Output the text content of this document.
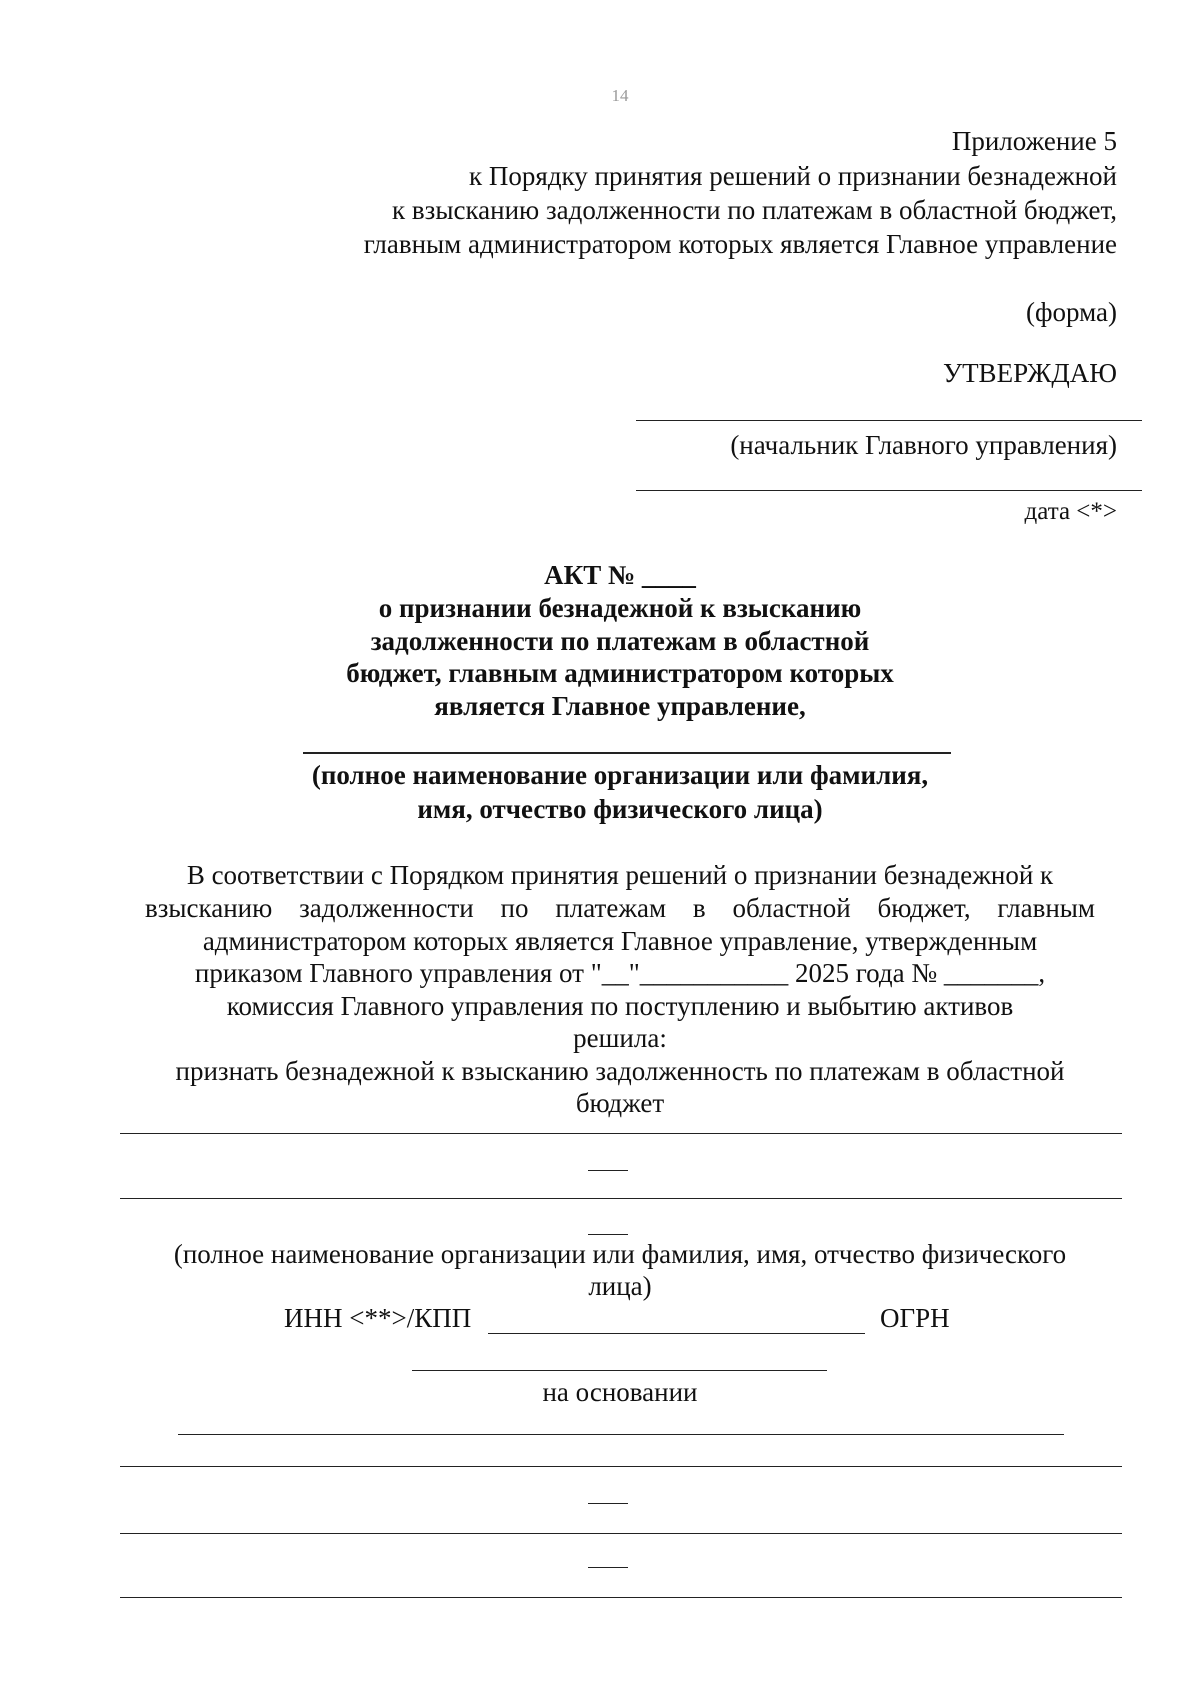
14
Приложение 5
к Порядку принятия решений о признании безнадежной
к взысканию задолженности по платежам в областной бюджет,
главным администратором которых является Главное управление
(форма)
УТВЕРЖДАЮ
(начальник Главного управления)
дата <*>
АКТ № ____
о признании безнадежной к взысканию
задолженности по платежам в областной
бюджет, главным администратором которых
является Главное управление,
(полное наименование организации или фамилия,
имя, отчество физического лица)
В соответствии с Порядком принятия решений о признании безнадежной к
взысканию задолженности по платежам в областной бюджет, главным
администратором которых является Главное управление, утвержденным
приказом Главного управления от "__"___________ 2025 года № _______,
комиссия Главного управления по поступлению и выбытию активов
решила:
признать безнадежной к взысканию задолженность по платежам в областной
бюджет
(полное наименование организации или фамилия, имя, отчество физического
лица)
ИНН <**>/КПП	ОГРН
на основании
